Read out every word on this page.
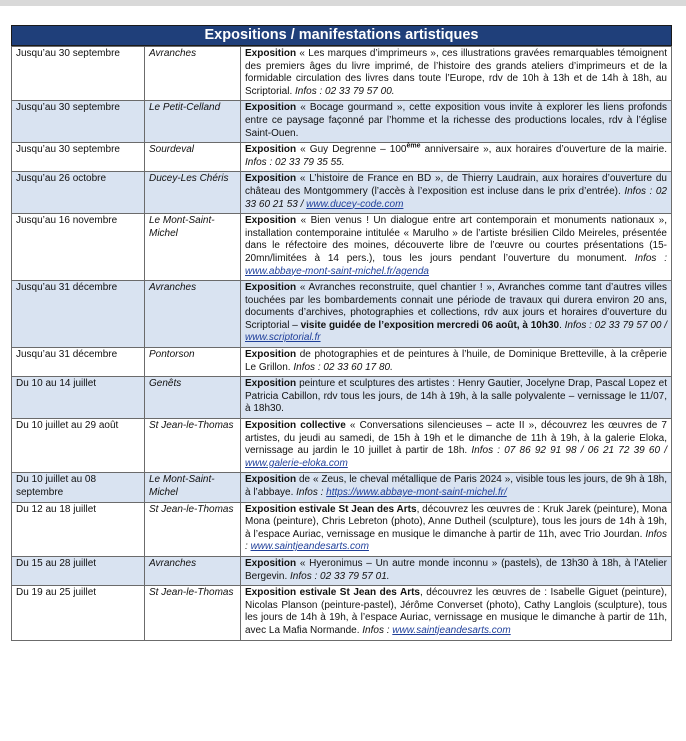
Expositions / manifestations artistiques
Jusqu’au 30 septembre	Avranches	Exposition « Les marques d’imprimeurs », ces illustrations gravées remarquables témoignent des premiers âges du livre imprimé, de l’histoire des grands ateliers d’imprimeurs et de la formidable circulation des livres dans toute l’Europe, rdv de 10h à 13h et de 14h à 18h, au Scriptorial. Infos : 02 33 79 57 00.
Jusqu’au 30 septembre	Le Petit-Celland	Exposition « Bocage gourmand », cette exposition vous invite à explorer les liens profonds entre ce paysage façonné par l’homme et la richesse des productions locales, rdv à l’église Saint-Ouen.
Jusqu’au 30 septembre	Sourdeval	Exposition « Guy Degrenne – 100ème anniversaire », aux horaires d’ouverture de la mairie. Infos : 02 33 79 35 55.
Jusqu’au 26 octobre	Ducey-Les Chéris	Exposition « L’histoire de France en BD », de Thierry Laudrain, aux horaires d’ouverture du château des Montgommery (l’accès à l’exposition est incluse dans le prix d’entrée). Infos : 02 33 60 21 53 / www.ducey-code.com
Jusqu’au 16 novembre	Le Mont-Saint-Michel	Exposition « Bien venus ! Un dialogue entre art contemporain et monuments nationaux », installation contemporaine intitulée « Marulho » de l’artiste brésilien Cildo Meireles, présentée dans le réfectoire des moines, découverte libre de l’œuvre ou courtes présentations (15-20mn/limitées à 14 pers.), tous les jours pendant l’ouverture du monument. Infos : www.abbaye-mont-saint-michel.fr/agenda
Jusqu’au 31 décembre	Avranches	Exposition « Avranches reconstruite, quel chantier ! », Avranches comme tant d’autres villes touchées par les bombardements connait une période de travaux qui durera environ 20 ans, documents d’archives, photographies et collections, rdv aux jours et horaires d’ouverture du Scriptorial – visite guidée de l’exposition mercredi 06 août, à 10h30. Infos : 02 33 79 57 00 / www.scriptorial.fr
Jusqu’au 31 décembre	Pontorson	Exposition de photographies et de peintures à l’huile, de Dominique Bretteville, à la crêperie Le Grillon. Infos : 02 33 60 17 80.
Du 10 au 14 juillet	Genêts	Exposition peinture et sculptures des artistes : Henry Gautier, Jocelyne Drap, Pascal Lopez et Patricia Cabillon, rdv tous les jours, de 14h à 19h, à la salle polyvalente – vernissage le 11/07, à 18h30.
Du 10 juillet au 29 août	St Jean-le-Thomas	Exposition collective « Conversations silencieuses – acte II », découvrez les œuvres de 7 artistes, du jeudi au samedi, de 15h à 19h et le dimanche de 11h à 19h, à la galerie Eloka, vernissage au jardin le 10 juillet à partir de 18h. Infos : 07 86 92 91 98 / 06 21 72 39 60 / www.galerie-eloka.com
Du 10 juillet au 08 septembre	Le Mont-Saint-Michel	Exposition de « Zeus, le cheval métallique de Paris 2024 », visible tous les jours, de 9h à 18h, à l’abbaye. Infos : https://www.abbaye-mont-saint-michel.fr/
Du 12 au 18 juillet	St Jean-le-Thomas	Exposition estivale St Jean des Arts, découvrez les œuvres de : Kruk Jarek (peinture), Mona Mona (peinture), Chris Lebreton (photo), Anne Dutheil (sculpture), tous les jours de 14h à 19h, à l’espace Auriac, vernissage en musique le dimanche à partir de 11h, avec Trio Jourdan. Infos : www.saintjeandesarts.com
Du 15 au 28 juillet	Avranches	Exposition « Hyeronimus – Un autre monde inconnu » (pastels), de 13h30 à 18h, à l’Atelier Bergevin. Infos : 02 33 79 57 01.
Du 19 au 25 juillet	St Jean-le-Thomas	Exposition estivale St Jean des Arts, découvrez les œuvres de : Isabelle Giguet (peinture), Nicolas Planson (peinture-pastel), Jérôme Converset (photo), Cathy Langlois (sculpture), tous les jours de 14h à 19h, à l’espace Auriac, vernissage en musique le dimanche à partir de 11h, avec La Mafia Normande. Infos : www.saintjeandesarts.com
